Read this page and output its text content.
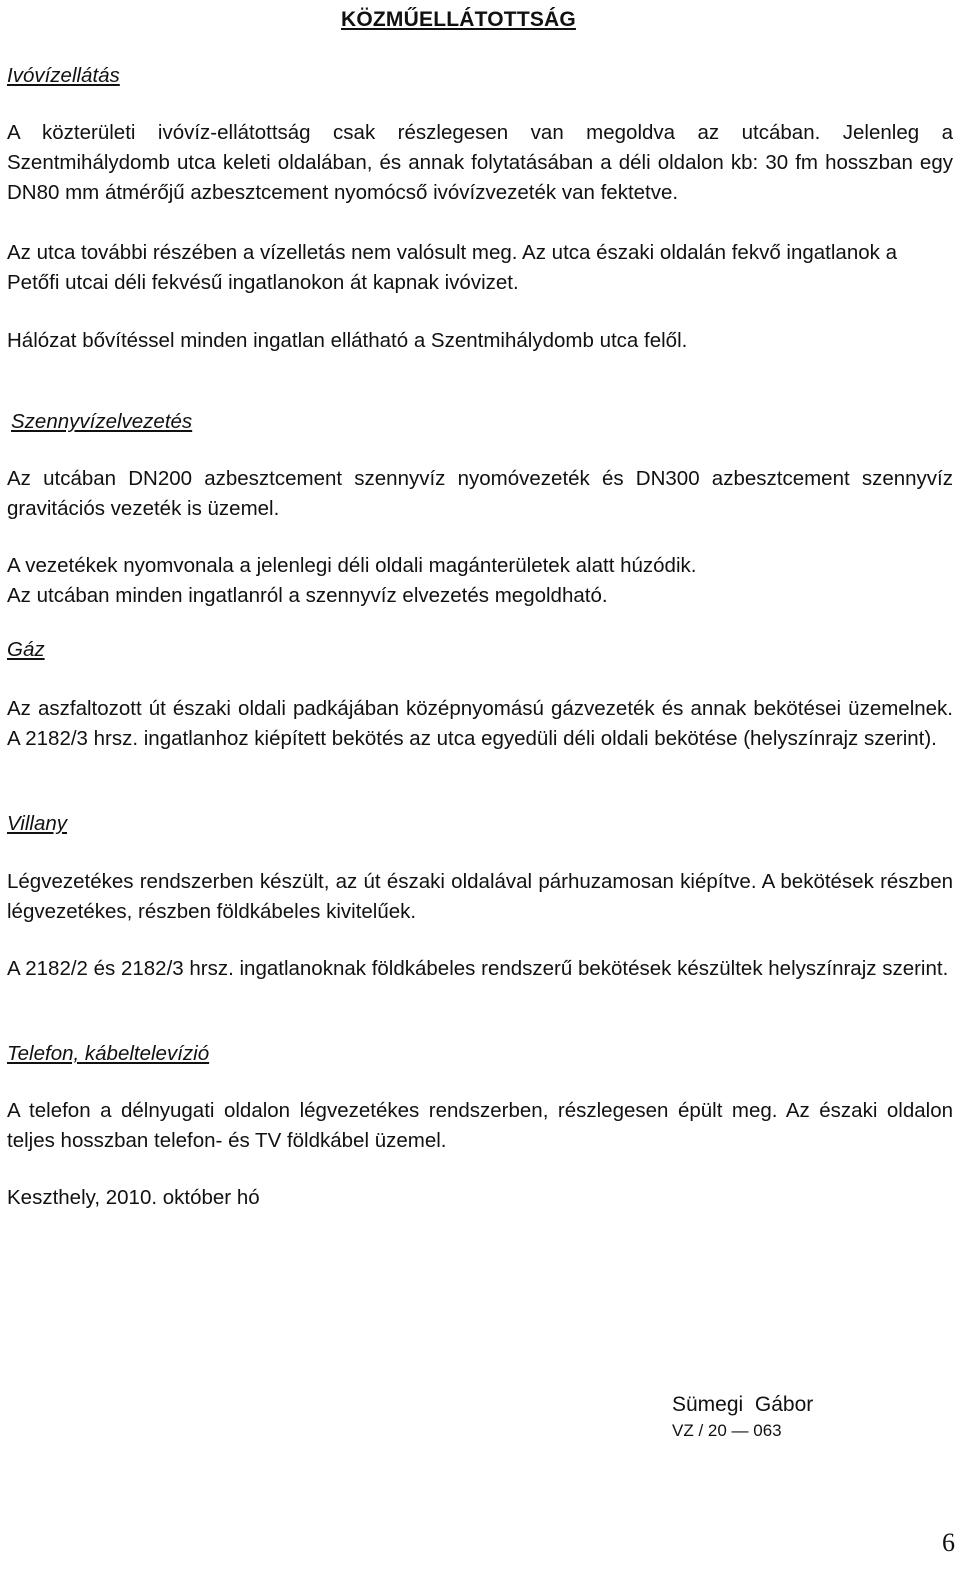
KÖZMŰELLÁTOTTSÁG
Ivóvízellátás

A közterületi ivóvíz-ellátottság csak részlegesen van megoldva az utcában. Jelenleg a Szentmihálydomb utca keleti oldalában, és annak folytatásában a déli oldalon kb: 30 fm hosszban egy DN80 mm átmérőjű azbesztcement nyomócső ivóvízvezeték van fektetve.

Az utca további részében a vízelletás nem valósult meg. Az utca északi oldalán fekvő ingatlanok a Petőfi utcai déli fekvésű ingatlanokon át kapnak ivóvizet.

Hálózat bővítéssel minden ingatlan ellátható a Szentmihálydomb utca felől.

Szennyvízelvezetés

Az utcában DN200 azbesztcement szennyvíz nyomóvezeték és DN300 azbesztcement szennyvíz gravitációs vezeték is üzemel.

A vezetékek nyomvonala a jelenlegi déli oldali magánterületek alatt húzódik.

Az utcában minden ingatlanról a szennyvíz elvezetés megoldható.

Gáz

Az aszfaltozott út északi oldali padkájában középnyomású gázvezeték és annak bekötései üzemelnek. A 2182/3 hrsz. ingatlanhoz kiépített bekötés az utca egyedüli déli oldali bekötése (helyszínrajz szerint).

Villany

Légvezetékes rendszerben készült, az út északi oldalával párhuzamosan kiépítve. A bekötések részben légvezetékes, részben földkábeles kivitelűek.

A 2182/2 és 2182/3 hrsz. ingatlanoknak földkábeles rendszerű bekötések készültek helyszínrajz szerint.

Telefon, kábeltelevízió

A telefon a délnyugati oldalon légvezetékes rendszerben, részlegesen épült meg. Az északi oldalon teljes hosszban telefon- és TV földkábel üzemel.

Keszthely, 2010. október hó

Sümegi  Gábor
VZ / 20 — 063
6
